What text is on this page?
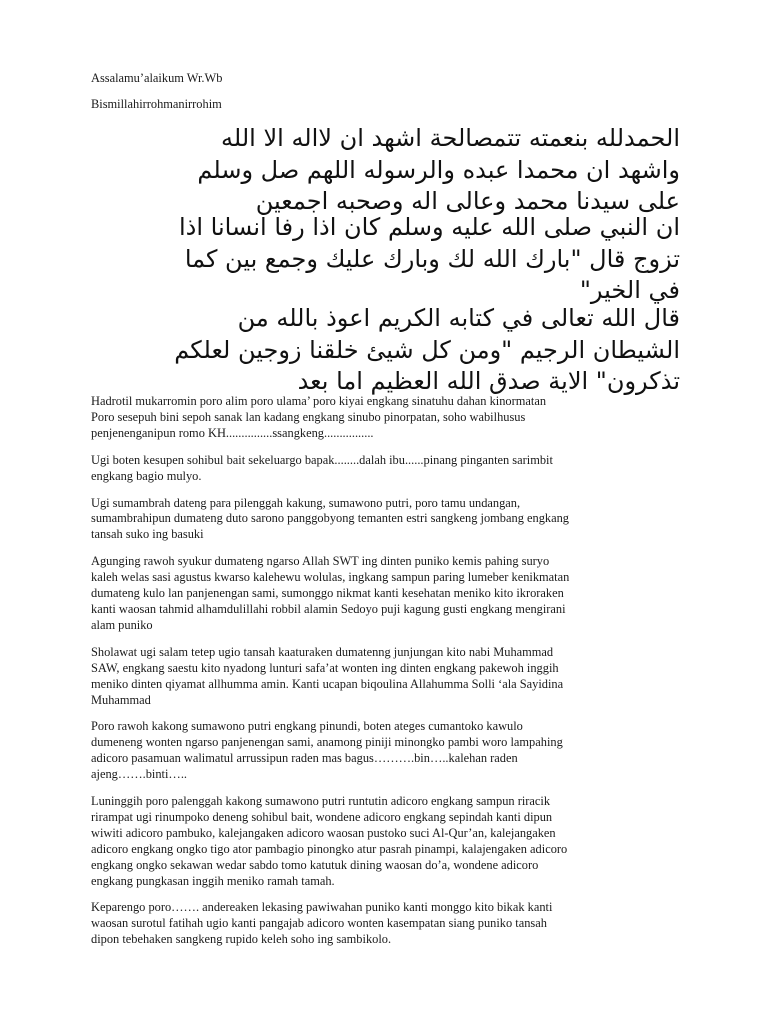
Assalamu’alaikum Wr.Wb

Bismillahirrohmanirrohim

الحمدلله بنعمته تتمصالحة اشهد ان لااله الا الله
واشهد ان محمدا عبده والرسوله اللهم صل وسلم
على سيدنا محمد وعالى اله وصحبه اجمعين
ان النبي صلى الله عليه وسلم كان اذا رفا انسانا اذا
تزوج قال "بارك الله لك وبارك عليك وجمع بين كما
في الخير"
قال الله تعالى في كتابه الكريم اعوذ بالله من
الشيطان الرجيم "ومن كل شيئ خلقنا زوجين لعلكم
تذكرون" الاية صدق الله العظيم اما بعد

Hadrotil mukarromin poro alim poro ulama’ poro kiyai engkang sinatuhu dahan kinormatan
Poro sesepuh bini sepoh sanak lan kadang engkang sinubo pinorpatan, soho wabilhusus
penjenenganipun romo KH...............ssangkeng................

Ugi boten kesupen sohibul bait sekeluargo bapak........dalah ibu......pinang pinganten sarimbit
engkang bagio mulyo.

Ugi sumambrah dateng para pilenggah kakung, sumawono putri, poro tamu undangan,
sumambrahipun dumateng duto sarono panggobyong temanten estri sangkeng jombang engkang
tansah suko ing basuki

Agunging rawoh syukur dumateng ngarso Allah SWT ing dinten puniko kemis pahing suryo
kaleh welas sasi agustus kwarso kalehewu wolulas, ingkang sampun paring lumeber kenikmatan
dumateng kulo lan panjenengan sami, sumonggo nikmat kanti kesehatan meniko kito ikroraken
kanti waosan tahmid alhamdulillahi robbil alamin Sedoyo puji kagung gusti engkang mengirani
alam puniko

Sholawat ugi salam tetep ugio tansah kaaturaken dumatenng junjungan kito nabi Muhammad
SAW, engkang saestu kito nyadong lunturi safa’at wonten ing dinten engkang pakewoh inggih
meniko dinten qiyamat allhumma amin. Kanti ucapan biqoulina Allahumma Solli ‘ala Sayidina
Muhammad

Poro rawoh kakong sumawono putri engkang pinundi, boten ateges cumantoko kawulo
dumeneng wonten ngarso panjenengan sami, anamong piniji minongko pambi woro lampahing
adicoro pasamuan walimatul arrussipun raden mas bagus……….bin…..kalehan raden
ajeng…….binti…..

Luninggih poro palenggah kakong sumawono putri runtutin adicoro engkang sampun riracik
rirampat ugi rinumpoko deneng sohibul bait, wondene adicoro engkang sepindah kanti dipun
wiwiti adicoro pambuko, kalejangaken adicoro waosan pustoko suci Al-Qur’an, kalejangaken
adicoro engkang ongko tigo ator pambagio pinongko atur pasrah pinampi, kalajengaken adicoro
engkang ongko sekawan wedar sabdo tomo katutuk dining waosan do’a, wondene adicoro
engkang pungkasan inggih meniko ramah tamah.

Keparengo poro……. andereaken lekasing pawiwahan puniko kanti monggo kito bikak kanti
waosan surotul fatihah ugio kanti pangajab adicoro wonten kasempatan siang puniko tansah
dipon tebehaken sangkeng rupido keleh soho ing sambikolo.
